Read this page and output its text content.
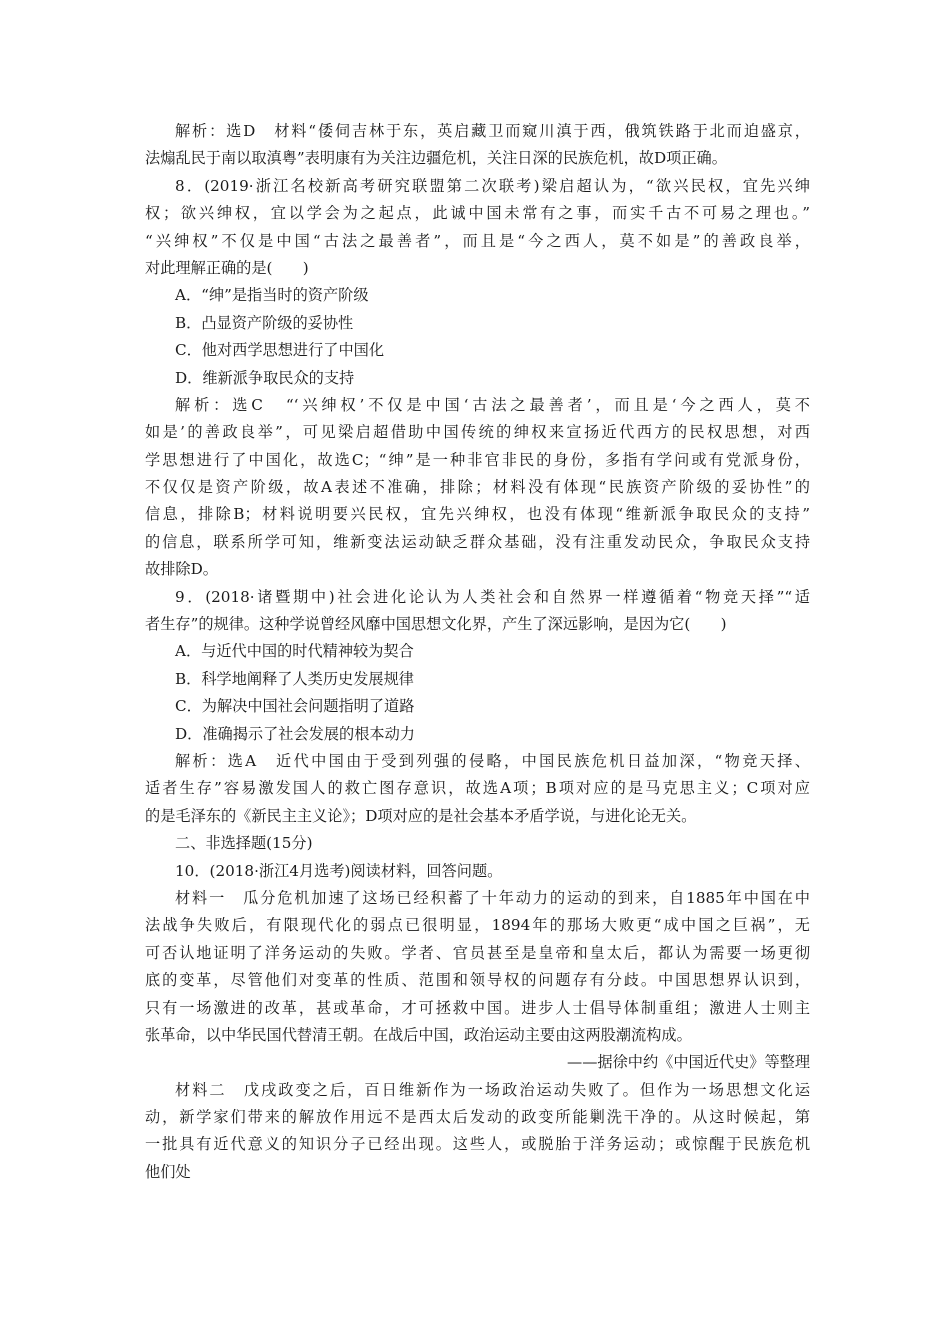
解析：选D　材料“倭伺吉林于东，英启藏卫而窥川滇于西，俄筑铁路于北而迫盛京，
法煽乱民于南以取滇粤”表明康有为关注边疆危机，关注日深的民族危机，故D项正确。
8．(2019·浙江名校新高考研究联盟第二次联考)梁启超认为，“欲兴民权，宜先兴绅
权；欲兴绅权，宜以学会为之起点，此诚中国未常有之事，而实千古不可易之理也。”
“兴绅权”不仅是中国“古法之最善者”，而且是“今之西人，莫不如是”的善政良举，
对此理解正确的是(　　)
A．“绅”是指当时的资产阶级
B．凸显资产阶级的妥协性
C．他对西学思想进行了中国化
D．维新派争取民众的支持
解析：选C　“‘兴绅权’不仅是中国‘古法之最善者’，而且是‘今之西人，莫不
如是’的善政良举”，可见梁启超借助中国传统的绅权来宣扬近代西方的民权思想，对西
学思想进行了中国化，故选C；“绅”是一种非官非民的身份，多指有学问或有党派身份，
不仅仅是资产阶级，故A表述不准确，排除；材料没有体现“民族资产阶级的妥协性”的
信息，排除B；材料说明要兴民权，宜先兴绅权，也没有体现“维新派争取民众的支持”
的信息，联系所学可知，维新变法运动缺乏群众基础，没有注重发动民众，争取民众支持
故排除D。
9．(2018·诸暨期中)社会进化论认为人类社会和自然界一样遵循着“物竞天择”“适
者生存”的规律。这种学说曾经风靡中国思想文化界，产生了深远影响，是因为它(　　)
A．与近代中国的时代精神较为契合
B．科学地阐释了人类历史发展规律
C．为解决中国社会问题指明了道路
D．准确揭示了社会发展的根本动力
解析：选A　近代中国由于受到列强的侵略，中国民族危机日益加深，“物竞天择、
适者生存”容易激发国人的救亡图存意识，故选A项；B项对应的是马克思主义；C项对应
的是毛泽东的《新民主主义论》；D项对应的是社会基本矛盾学说，与进化论无关。
二、非选择题(15分)
10．(2018·浙江4月选考)阅读材料，回答问题。
材料一　瓜分危机加速了这场已经积蓄了十年动力的运动的到来，自1885年中国在中
法战争失败后，有限现代化的弱点已很明显，1894年的那场大败更“成中国之巨祸”，无
可否认地证明了洋务运动的失败。学者、官员甚至是皇帝和皇太后，都认为需要一场更彻
底的变革，尽管他们对变革的性质、范围和领导权的问题存有分歧。中国思想界认识到，
只有一场激进的改革，甚或革命，才可拯救中国。进步人士倡导体制重组；激进人士则主
张革命，以中华民国代替清王朝。在战后中国，政治运动主要由这两股潮流构成。
——据徐中约《中国近代史》等整理
材料二　戊戌政变之后，百日维新作为一场政治运动失败了。但作为一场思想文化运
动，新学家们带来的解放作用远不是西太后发动的政变所能剿洗干净的。从这时候起，第
一批具有近代意义的知识分子已经出现。这些人，或脱胎于洋务运动；或惊醒于民族危机
他们处
